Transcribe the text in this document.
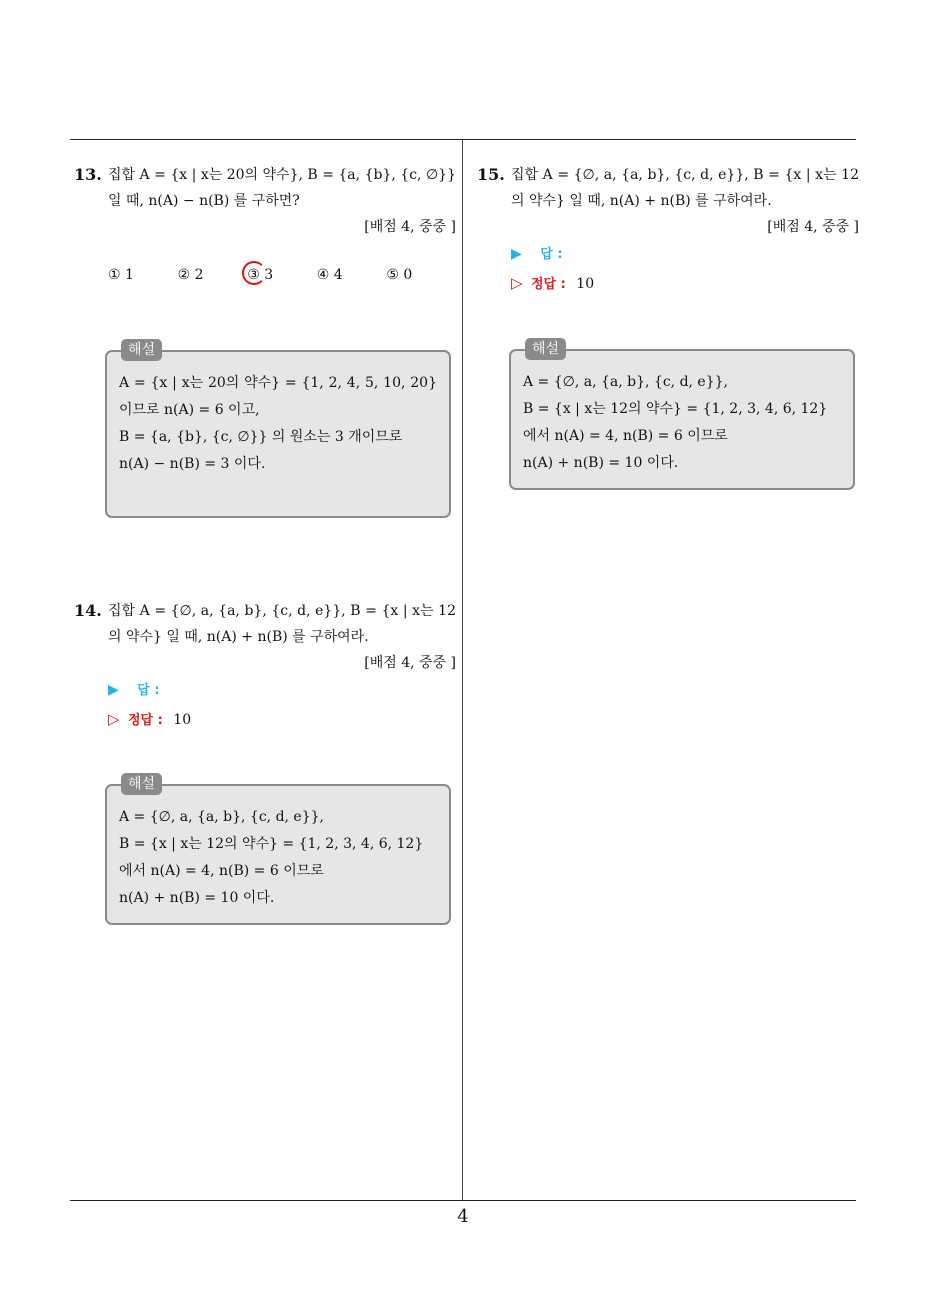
13. 집합 A = {x | x는 20의 약수}, B = {a, {b}, {c, ∅}} 일 때, n(A) − n(B) 를 구하면?
[배점 4, 중중 ]
① 1	② 2	③ 3	④ 4	⑤ 0
해설
A = {x | x는 20의 약수} = {1, 2, 4, 5, 10, 20} 이므로 n(A) = 6 이고,
B = {a, {b}, {c, ∅}} 의 원소는 3 개이므로
n(A) − n(B) = 3 이다.
14. 집합 A = {∅, a, {a, b}, {c, d, e}}, B = {x | x는 12의 약수} 일 때, n(A) + n(B) 를 구하여라.
[배점 4, 중중 ]
▶ 답 :
▷ 정답 : 10
해설
A = {∅, a, {a, b}, {c, d, e}},
B = {x | x는 12의 약수} = {1, 2, 3, 4, 6, 12}
에서 n(A) = 4, n(B) = 6 이므로
n(A) + n(B) = 10 이다.
15. 집합 A = {∅, a, {a, b}, {c, d, e}}, B = {x | x는 12의 약수} 일 때, n(A) + n(B) 를 구하여라.
[배점 4, 중중 ]
▶ 답 :
▷ 정답 : 10
해설
A = {∅, a, {a, b}, {c, d, e}},
B = {x | x는 12의 약수} = {1, 2, 3, 4, 6, 12}
에서 n(A) = 4, n(B) = 6 이므로
n(A) + n(B) = 10 이다.
4
